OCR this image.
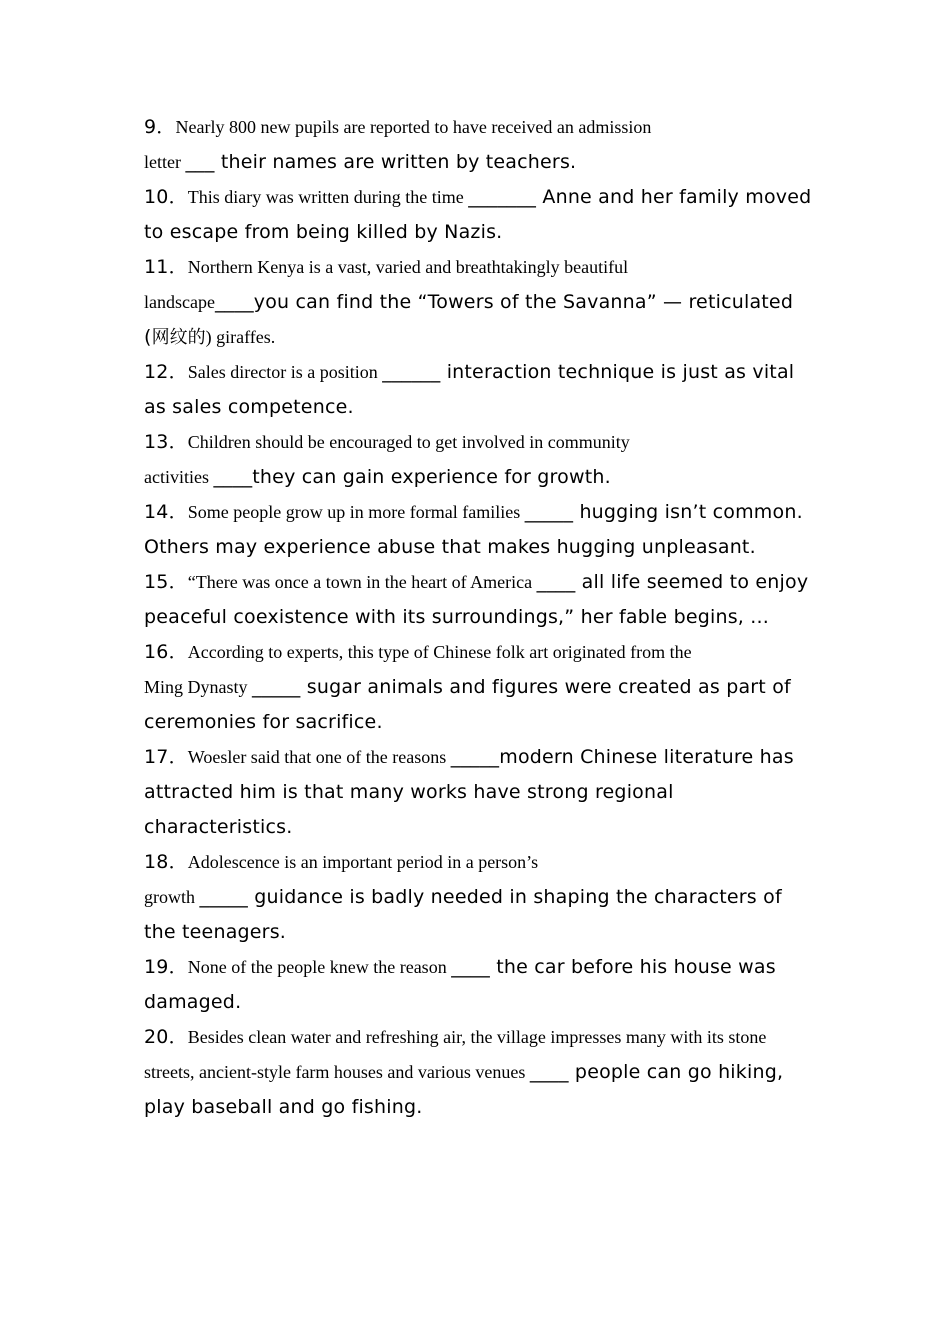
9．Nearly 800 new pupils are reported to have received an admission
letter ___ their names are written by teachers.

10．This diary was written during the time _______ Anne and her family moved to escape from being killed by Nazis.

11．Northern Kenya is a vast, varied and breathtakingly beautiful
landscape____you can find the “Towers of the Savanna” — reticulated (网纹的) giraffes.

12．Sales director is a position ______ interaction technique is just as vital as sales competence.

13．Children should be encouraged to get involved in community
activities ____they can gain experience for growth.

14．Some people grow up in more formal families _____ hugging isn’t common. Others may experience abuse that makes hugging unpleasant.

15．“There was once a town in the heart of America ____ all life seemed to enjoy peaceful coexistence with its surroundings,” her fable begins, ...

16．According to experts, this type of Chinese folk art originated from the
Ming Dynasty _____ sugar animals and figures were created as part of ceremonies for sacrifice.

17．Woesler said that one of the reasons _____modern Chinese literature has attracted him is that many works have strong regional characteristics.

18．Adolescence is an important period in a person’s
growth _____ guidance is badly needed in shaping the characters of the teenagers.

19．None of the people knew the reason ____ the car before his house was damaged.

20．Besides clean water and refreshing air, the village impresses many with its stone streets, ancient-style farm houses and various venues ____ people can go hiking, play baseball and go fishing.
